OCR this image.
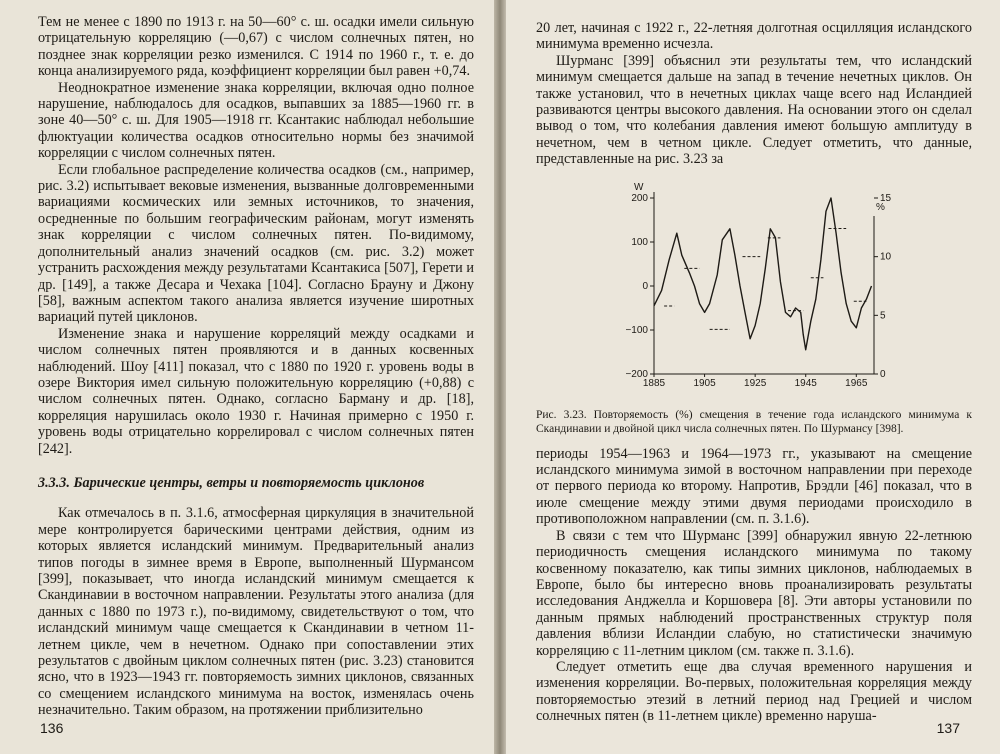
Тем не менее с 1890 по 1913 г. на 50—60° с. ш. осадки имели сильную отрицательную корреляцию (—0,67) с числом солнечных пятен, но позднее знак корреляции резко изменился. С 1914 по 1960 г., т. е. до конца анализируемого ряда, коэффициент корреляции был равен +0,74.

Неоднократное изменение знака корреляции, включая одно полное нарушение, наблюдалось для осадков, выпавших за 1885—1960 гг. в зоне 40—50° с. ш. Для 1905—1918 гг. Ксантакис наблюдал небольшие флюктуации количества осадков относительно нормы без значимой корреляции с числом солнечных пятен.

Если глобальное распределение количества осадков (см., например, рис. 3.2) испытывает вековые изменения, вызванные долговременными вариациями космических или земных источников, то значения, осредненные по большим географическим районам, могут изменять знак корреляции с числом солнечных пятен. По-видимому, дополнительный анализ значений осадков (см. рис. 3.2) может устранить расхождения между результатами Ксантакиса [507], Герети и др. [149], а также Десара и Чехака [104]. Согласно Брауну и Джону [58], важным аспектом такого анализа является изучение широтных вариаций путей циклонов.

Изменение знака и нарушение корреляций между осадками и числом солнечных пятен проявляются и в данных косвенных наблюдений. Шоу [411] показал, что с 1880 по 1920 г. уровень воды в озере Виктория имел сильную положительную корреляцию (+0,88) с числом солнечных пятен. Однако, согласно Барману и др. [18], корреляция нарушилась около 1930 г. Начиная примерно с 1950 г. уровень воды отрицательно коррелировал с числом солнечных пятен [242].

3.3.3. Барические центры, ветры и повторяемость циклонов

Как отмечалось в п. 3.1.6, атмосферная циркуляция в значительной мере контролируется барическими центрами действия, одним из которых является исландский минимум. Предварительный анализ типов погоды в зимнее время в Европе, выполненный Шурмансом [399], показывает, что иногда исландский минимум смещается к Скандинавии в восточном направлении. Результаты этого анализа (для данных с 1880 по 1973 г.), по-видимому, свидетельствуют о том, что исландский минимум чаще смещается к Скандинавии в четном 11-летнем цикле, чем в нечетном. Однако при сопоставлении этих результатов с двойным циклом солнечных пятен (рис. 3.23) становится ясно, что в 1923—1943 гг. повторяемость зимних циклонов, связанных со смещением исландского минимума на восток, изменялась очень незначительно. Таким образом, на протяжении приблизительно

136

20 лет, начиная с 1922 г., 22-летняя долготная осцилляция исландского минимума временно исчезла.

Шурманс [399] объяснил эти результаты тем, что исландский минимум смещается дальше на запад в течение нечетных циклов. Он также установил, что в нечетных циклах чаще всего над Исландией развиваются центры высокого давления. На основании этого он сделал вывод о том, что колебания давления имеют большую амплитуду в нечетном, чем в четном цикле. Следует отметить, что данные, представленные на рис. 3.23 за

W
%
200
100
0
−100
−200
15
10
5
0
1885	1905	1925	1945	1965
Рис. 3.23. Повторяемость (%) смещения в течение года исландского минимума к Скандинавии и двойной цикл числа солнечных пятен. По Шурмансу [398].

периоды 1954—1963 и 1964—1973 гг., указывают на смещение исландского минимума зимой в восточном направлении при переходе от первого периода ко второму. Напротив, Брэдли [46] показал, что в июле смещение между этими двумя периодами происходило в противоположном направлении (см. п. 3.1.6).

В связи с тем что Шурманс [399] обнаружил явную 22-летнюю периодичность смещения исландского минимума по такому косвенному показателю, как типы зимних циклонов, наблюдаемых в Европе, было бы интересно вновь проанализировать результаты исследования Анджелла и Коршовера [8]. Эти авторы установили по данным прямых наблюдений пространственных структур поля давления вблизи Исландии слабую, но статистически значимую корреляцию с 11-летним циклом (см. также п. 3.1.6).

Следует отметить еще два случая временного нарушения и изменения корреляции. Во-первых, положительная корреляция между повторяемостью этезий в летний период над Грецией и числом солнечных пятен (в 11-летнем цикле) временно наруша-

137
